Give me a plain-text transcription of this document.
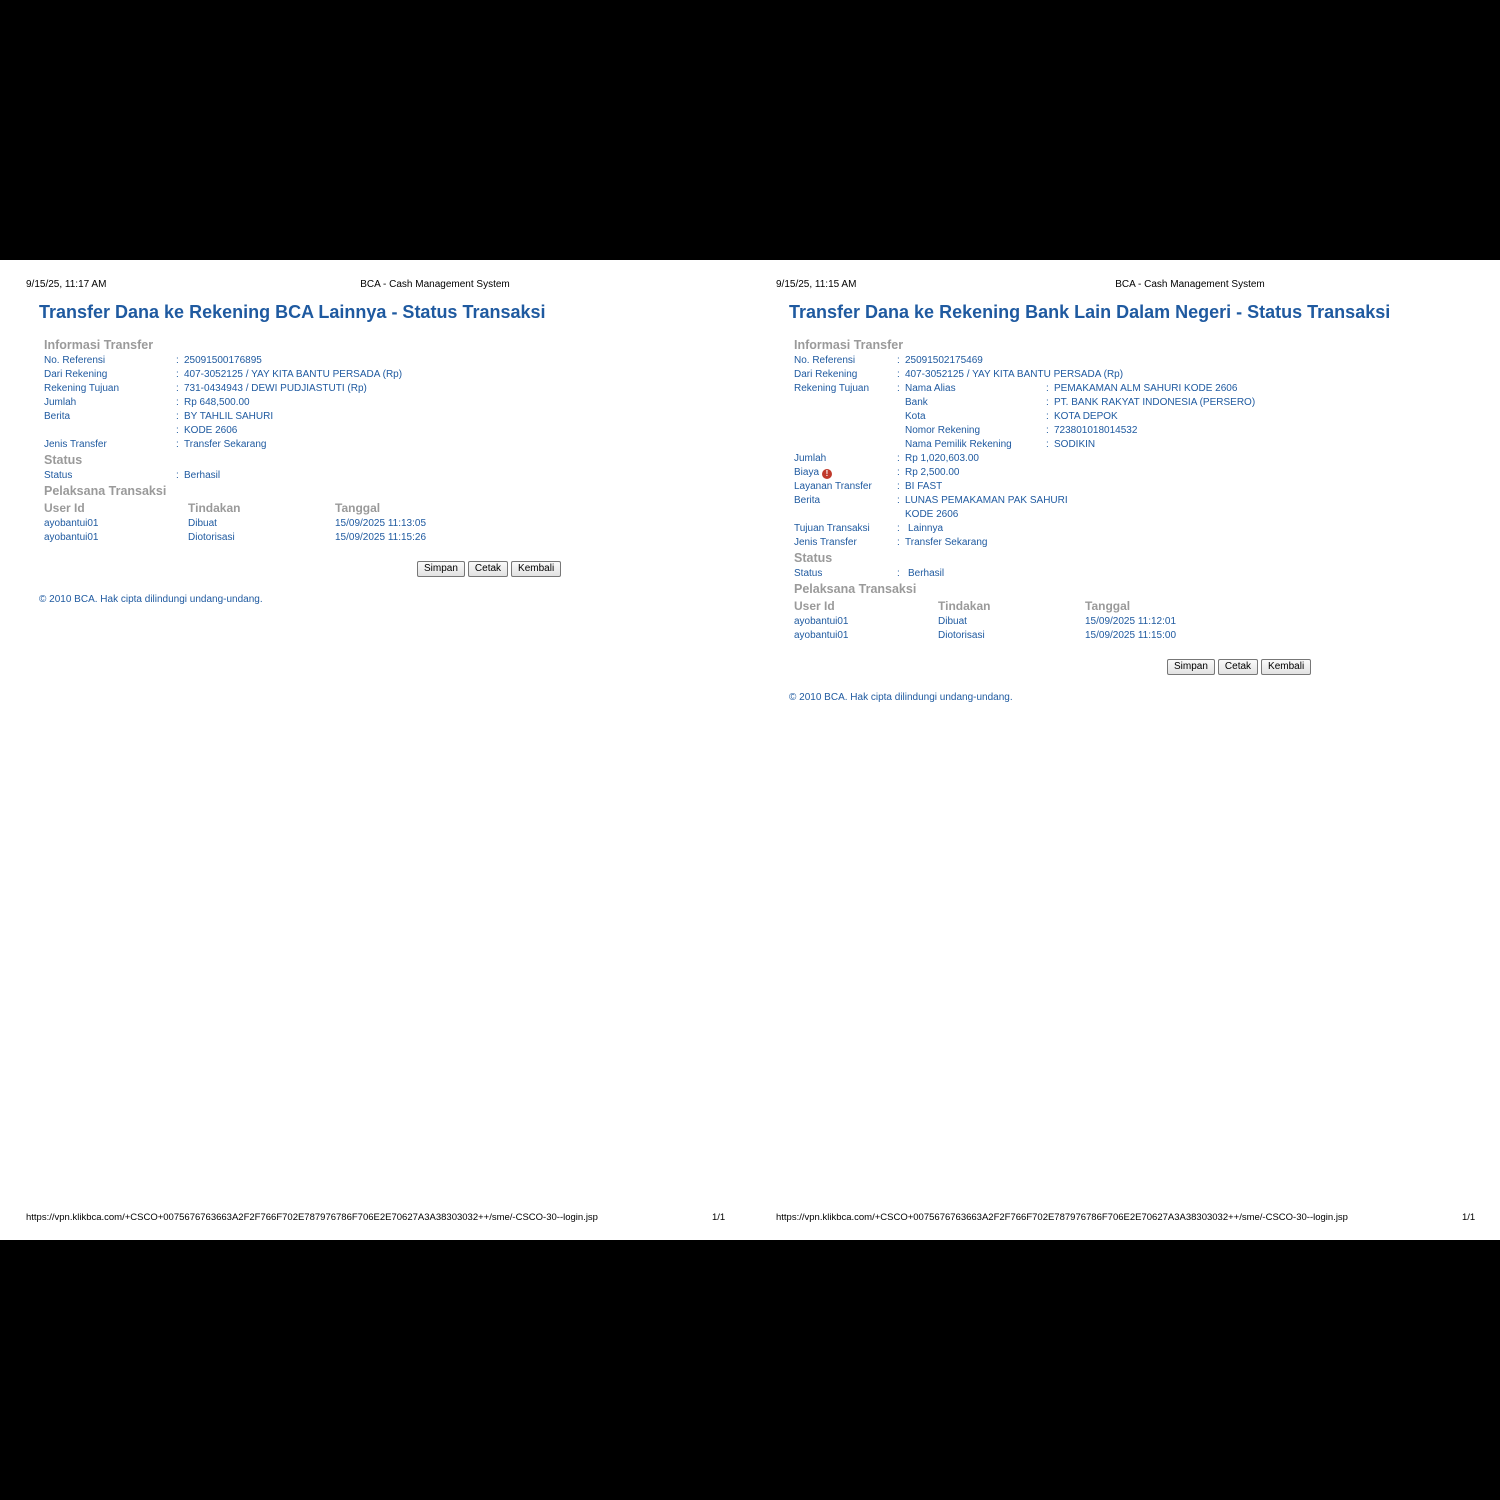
9/15/25, 11:17 AM	BCA - Cash Management System
Transfer Dana ke Rekening BCA Lainnya - Status Transaksi
Informasi Transfer
No. Referensi	: 25091500176895
Dari Rekening	: 407-3052125 / YAY KITA BANTU PERSADA (Rp)
Rekening Tujuan	: 731-0434943 / DEWI PUDJIASTUTI (Rp)
Jumlah	: Rp 648,500.00
Berita	: BY TAHLIL SAHURI
: KODE 2606
Jenis Transfer	: Transfer Sekarang
Status
Status	: Berhasil
Pelaksana Transaksi
User Id	Tindakan	Tanggal
ayobantui01	Dibuat	15/09/2025 11:13:05
ayobantui01	Diotorisasi	15/09/2025 11:15:26
Simpan	Cetak	Kembali
© 2010 BCA. Hak cipta dilindungi undang-undang.
https://vpn.klikbca.com/+CSCO+0075676763663A2F2F766F702E787976786F706E2E70627A3A38303032++/sme/-CSCO-30--login.jsp	1/1
9/15/25, 11:15 AM	BCA - Cash Management System
Transfer Dana ke Rekening Bank Lain Dalam Negeri - Status Transaksi
Informasi Transfer
No. Referensi	: 25091502175469
Dari Rekening	: 407-3052125 / YAY KITA BANTU PERSADA (Rp)
Rekening Tujuan	: Nama Alias	: PEMAKAMAN ALM SAHURI KODE 2606
Bank	: PT. BANK RAKYAT INDONESIA (PERSERO)
Kota	: KOTA DEPOK
Nomor Rekening	: 723801018014532
Nama Pemilik Rekening	: SODIKIN
Jumlah	: Rp 1,020,603.00
Biaya !	: Rp 2,500.00
Layanan Transfer	: BI FAST
Berita	: LUNAS PEMAKAMAN PAK SAHURI
KODE 2606
Tujuan Transaksi	: Lainnya
Jenis Transfer	: Transfer Sekarang
Status
Status	: Berhasil
Pelaksana Transaksi
User Id	Tindakan	Tanggal
ayobantui01	Dibuat	15/09/2025 11:12:01
ayobantui01	Diotorisasi	15/09/2025 11:15:00
Simpan	Cetak	Kembali
© 2010 BCA. Hak cipta dilindungi undang-undang.
https://vpn.klikbca.com/+CSCO+0075676763663A2F2F766F702E787976786F706E2E70627A3A38303032++/sme/-CSCO-30--login.jsp	1/1
